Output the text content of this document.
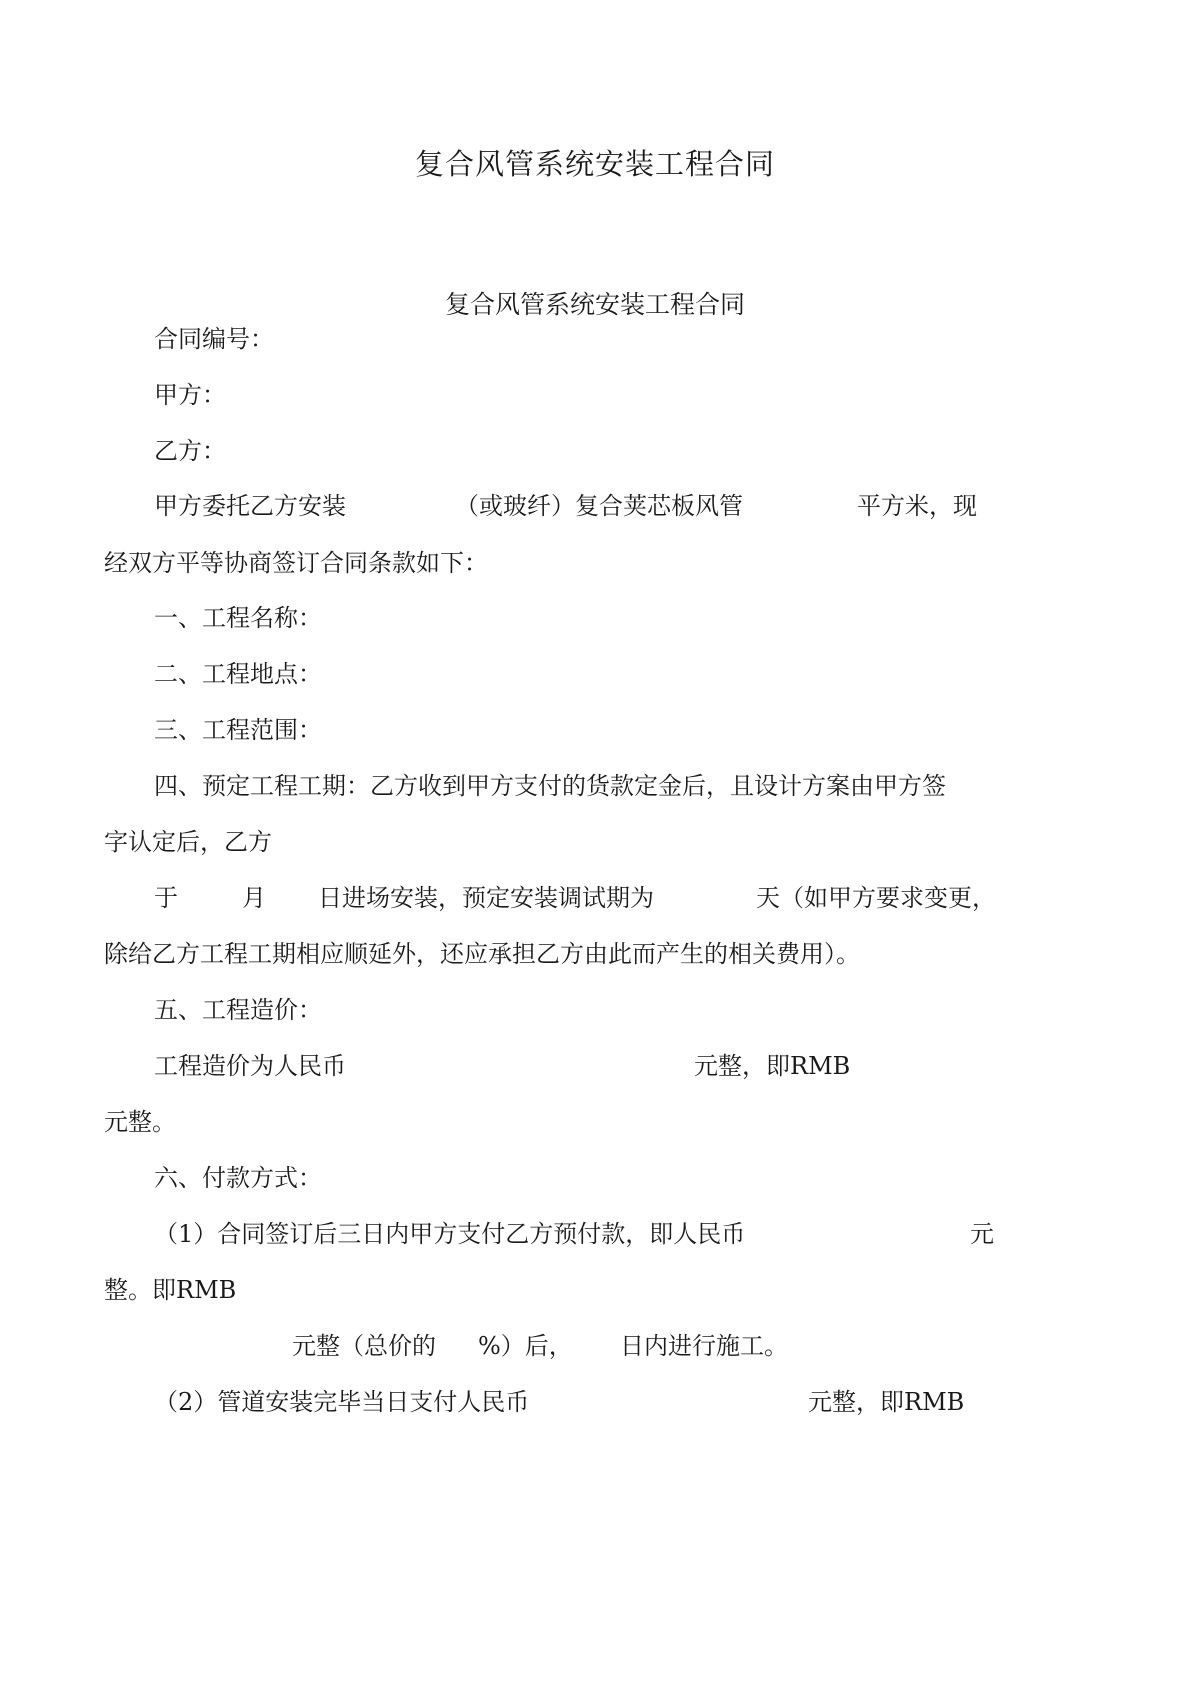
复合风管系统安装工程合同

复合风管系统安装工程合同

合同编号：

甲方：

乙方：

甲方委托乙方安装	（或玻纤）复合荚芯板风管	平方米，现
经双方平等协商签订合同条款如下：

一、工程名称：

二、工程地点：

三、工程范围：

四、预定工程工期：乙方收到甲方支付的货款定金后，且设计方案由甲方签
字认定后，乙方
于	月 日进场安装，预定安装调试期为	天（如甲方要求变更，
除给乙方工程工期相应顺延外，还应承担乙方由此而产生的相关费用）。
五、工程造价：
工程造价为人民币	元整，即RMB
元整。
六、付款方式：
（1）合同签订后三日内甲方支付乙方预付款，即人民币	元
整。即RMB
元整（总价的 %）后， 日内进行施工。
（2）管道安装完毕当日支付人民币	元整，即RMB
